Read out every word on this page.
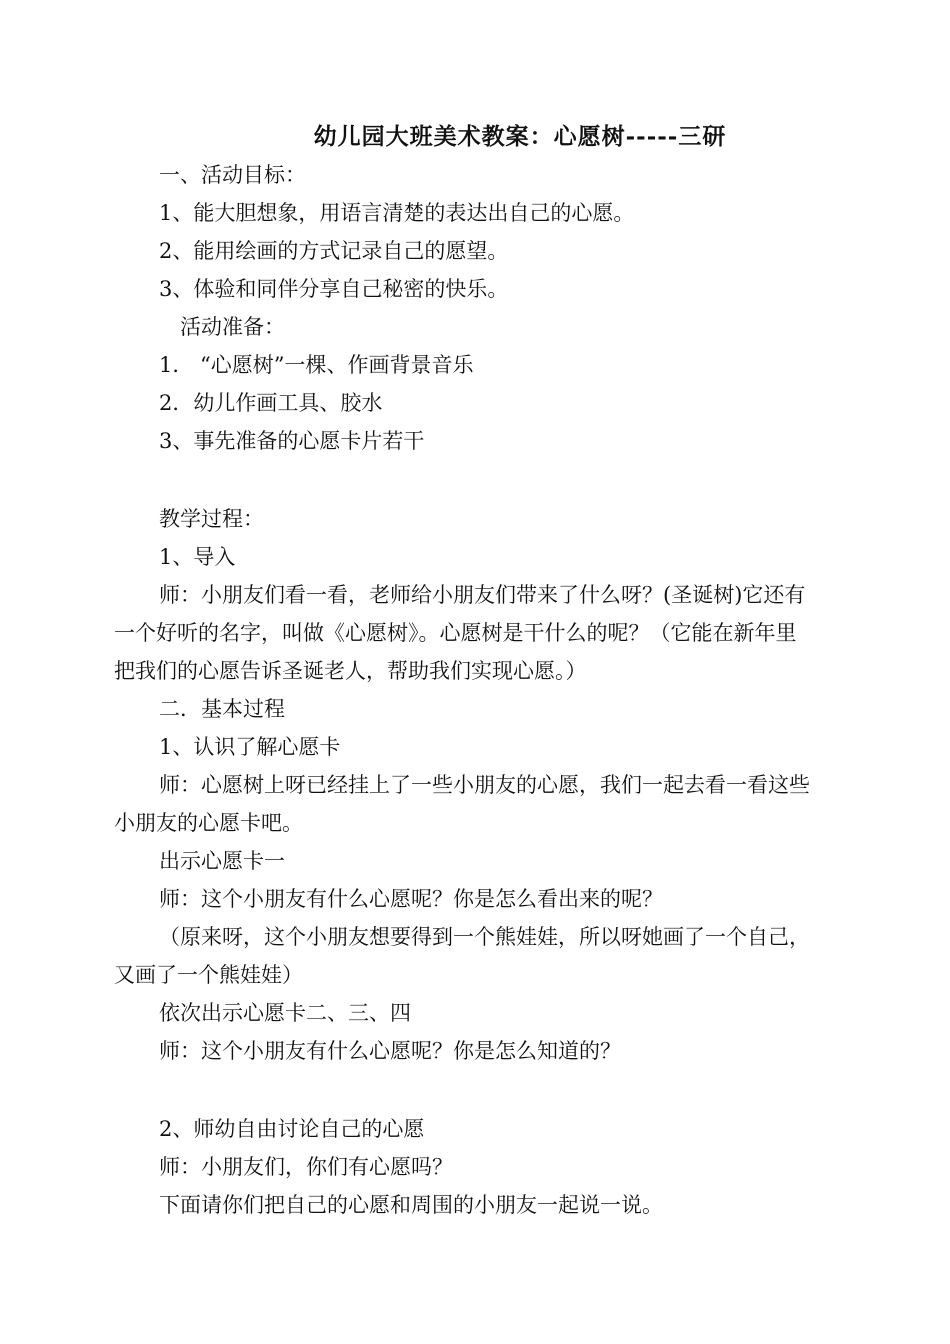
幼儿园大班美术教案：心愿树-----三研
一、活动目标：
1、能大胆想象，用语言清楚的表达出自己的心愿。
2、能用绘画的方式记录自己的愿望。
3、体验和同伴分享自己秘密的快乐。
活动准备：
1． “心愿树”一棵、作画背景音乐
2．幼儿作画工具、胶水
3、事先准备的心愿卡片若干
教学过程：
1、导入
师：小朋友们看一看，老师给小朋友们带来了什么呀？(圣诞树)它还有
一个好听的名字，叫做《心愿树》。心愿树是干什么的呢？（它能在新年里
把我们的心愿告诉圣诞老人，帮助我们实现心愿。）
二．基本过程
1、认识了解心愿卡
师：心愿树上呀已经挂上了一些小朋友的心愿，我们一起去看一看这些
小朋友的心愿卡吧。
出示心愿卡一
师：这个小朋友有什么心愿呢？你是怎么看出来的呢？
（原来呀，这个小朋友想要得到一个熊娃娃，所以呀她画了一个自己，
又画了一个熊娃娃）
依次出示心愿卡二、三、四
师：这个小朋友有什么心愿呢？你是怎么知道的？
2、师幼自由讨论自己的心愿
师：小朋友们，你们有心愿吗？
下面请你们把自己的心愿和周围的小朋友一起说一说。
